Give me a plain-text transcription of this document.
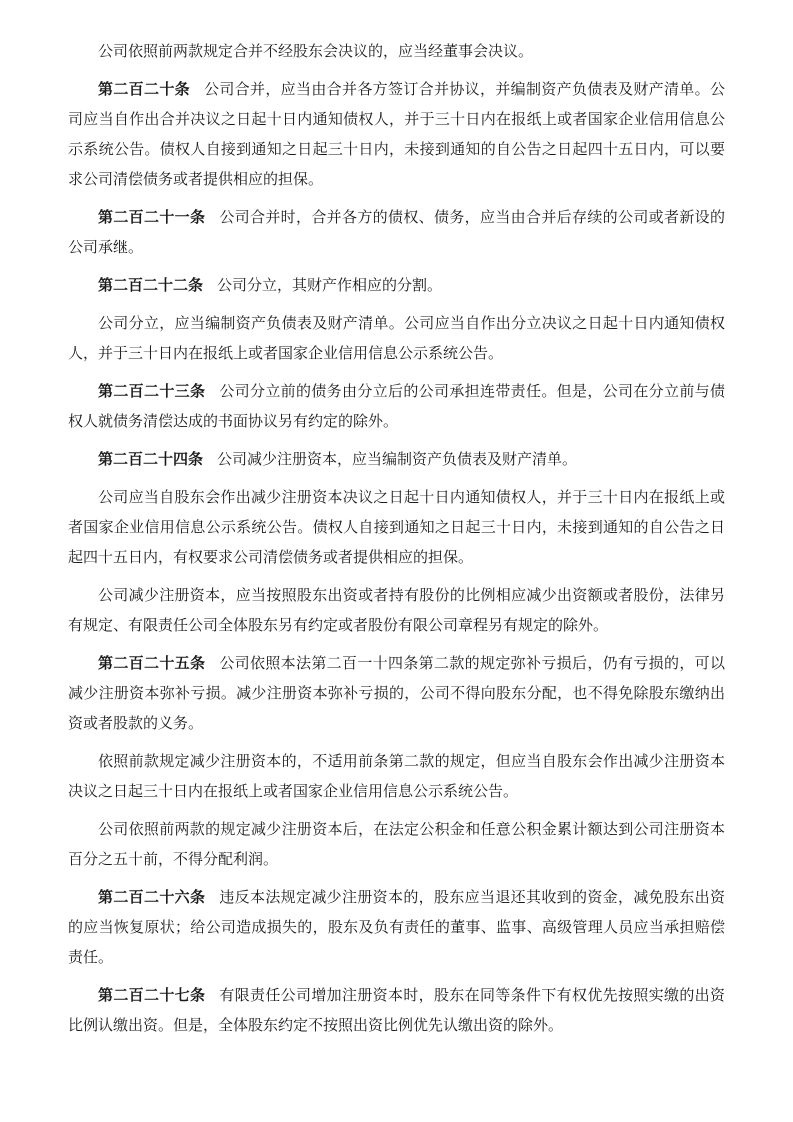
公司依照前两款规定合并不经股东会决议的，应当经董事会决议。

第二百二十条 公司合并，应当由合并各方签订合并协议，并编制资产负债表及财产清单。公司应当自作出合并决议之日起十日内通知债权人，并于三十日内在报纸上或者国家企业信用信息公示系统公告。债权人自接到通知之日起三十日内，未接到通知的自公告之日起四十五日内，可以要求公司清偿债务或者提供相应的担保。

第二百二十一条 公司合并时，合并各方的债权、债务，应当由合并后存续的公司或者新设的公司承继。

第二百二十二条 公司分立，其财产作相应的分割。

公司分立，应当编制资产负债表及财产清单。公司应当自作出分立决议之日起十日内通知债权人，并于三十日内在报纸上或者国家企业信用信息公示系统公告。

第二百二十三条 公司分立前的债务由分立后的公司承担连带责任。但是，公司在分立前与债权人就债务清偿达成的书面协议另有约定的除外。

第二百二十四条 公司减少注册资本，应当编制资产负债表及财产清单。

公司应当自股东会作出减少注册资本决议之日起十日内通知债权人，并于三十日内在报纸上或者国家企业信用信息公示系统公告。债权人自接到通知之日起三十日内，未接到通知的自公告之日起四十五日内，有权要求公司清偿债务或者提供相应的担保。

公司减少注册资本，应当按照股东出资或者持有股份的比例相应减少出资额或者股份，法律另有规定、有限责任公司全体股东另有约定或者股份有限公司章程另有规定的除外。

第二百二十五条 公司依照本法第二百一十四条第二款的规定弥补亏损后，仍有亏损的，可以减少注册资本弥补亏损。减少注册资本弥补亏损的，公司不得向股东分配，也不得免除股东缴纳出资或者股款的义务。

依照前款规定减少注册资本的，不适用前条第二款的规定，但应当自股东会作出减少注册资本决议之日起三十日内在报纸上或者国家企业信用信息公示系统公告。

公司依照前两款的规定减少注册资本后，在法定公积金和任意公积金累计额达到公司注册资本百分之五十前，不得分配利润。

第二百二十六条 违反本法规定减少注册资本的，股东应当退还其收到的资金，减免股东出资的应当恢复原状；给公司造成损失的，股东及负有责任的董事、监事、高级管理人员应当承担赔偿责任。

第二百二十七条 有限责任公司增加注册资本时，股东在同等条件下有权优先按照实缴的出资比例认缴出资。但是，全体股东约定不按照出资比例优先认缴出资的除外。
